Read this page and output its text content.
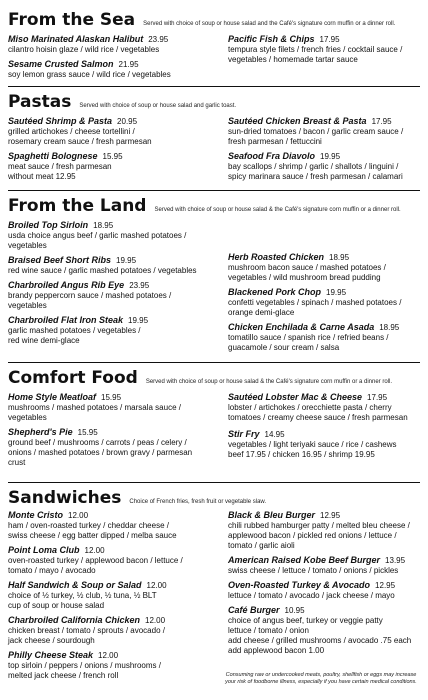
From the Sea Served with choice of soup or house salad and the Café's signature corn muffin or a dinner roll.
Miso Marinated Alaskan Halibut 23.95
cilantro hoisin glaze / wild rice / vegetables
Sesame Crusted Salmon 21.95
soy lemon grass sauce / wild rice / vegetables
Pacific Fish & Chips 17.95
tempura style filets / french fries / cocktail sauce /
vegetables / homemade tartar sauce
Pastas Served with choice of soup or house salad and garlic toast.
Sautéed Shrimp & Pasta 20.95
grilled artichokes / cheese tortellini /
rosemary cream sauce / fresh parmesan
Spaghetti Bolognese 15.95
meat sauce / fresh parmesan
without meat 12.95
Sautéed Chicken Breast & Pasta 17.95
sun-dried tomatoes / bacon / garlic cream sauce /
fresh parmesan / fettuccini
Seafood Fra Diavolo 19.95
bay scallops / shrimp / garlic / shallots / linguini /
spicy marinara sauce / fresh parmesan / calamari
From the Land Served with choice of soup or house salad & the Café's signature corn muffin or a dinner roll.
Broiled Top Sirloin 18.95
usda choice angus beef / garlic mashed potatoes /
vegetables
Braised Beef Short Ribs 19.95
red wine sauce / garlic mashed potatoes / vegetables
Charbroiled Angus Rib Eye 23.95
brandy peppercorn sauce / mashed potatoes /
vegetables
Charbroiled Flat Iron Steak 19.95
garlic mashed potatoes / vegetables /
red wine demi-glace
Herb Roasted Chicken 18.95
mushroom bacon sauce / mashed potatoes /
vegetables / wild mushroom bread pudding
Blackened Pork Chop 19.95
confetti vegetables / spinach / mashed potatoes /
orange demi-glace
Chicken Enchilada & Carne Asada 18.95
tomatillo sauce / spanish rice / refried beans /
guacamole / sour cream / salsa
Comfort Food Served with choice of soup or house salad & the Café's signature corn muffin or a dinner roll.
Home Style Meatloaf 15.95
mushrooms / mashed potatoes / marsala sauce /
vegetables
Shepherd's Pie 15.95
ground beef / mushrooms / carrots / peas / celery /
onions / mashed potatoes / brown gravy / parmesan
crust
Sautéed Lobster Mac & Cheese 17.95
lobster / artichokes / orecchiette pasta / cherry
tomatoes / creamy cheese sauce / fresh parmesan
Stir Fry 14.95
vegetables / light teriyaki sauce / rice / cashews
beef 17.95 / chicken 16.95 / shrimp 19.95
Sandwiches Choice of French fries, fresh fruit or vegetable slaw.
Monte Cristo 12.00
ham / oven-roasted turkey / cheddar cheese /
swiss cheese / egg batter dipped / melba sauce
Point Loma Club 12.00
oven-roasted turkey / applewood bacon / lettuce /
tomato / mayo / avocado
Half Sandwich & Soup or Salad 12.00
choice of ½ turkey, ½ club, ½ tuna, ½ BLT
cup of soup or house salad
Charbroiled California Chicken 12.00
chicken breast / tomato / sprouts / avocado /
jack cheese / sourdough
Philly Cheese Steak 12.00
top sirloin / peppers / onions / mushrooms /
melted jack cheese / french roll
Black & Bleu Burger 12.95
chili rubbed hamburger patty / melted bleu cheese /
applewood bacon / pickled red onions / lettuce /
tomato / garlic aioli
American Raised Kobe Beef Burger 13.95
swiss cheese / lettuce / tomato / onions / pickles
Oven-Roasted Turkey & Avocado 12.95
lettuce / tomato / avocado / jack cheese / mayo
Café Burger 10.95
choice of angus beef, turkey or veggie patty
lettuce / tomato / onion
add cheese / grilled mushrooms / avocado .75 each
add applewood bacon 1.00
Consuming raw or undercooked meats, poultry, shellfish or eggs may increase your risk of foodborne illness, especially if you have certain medical conditions.
